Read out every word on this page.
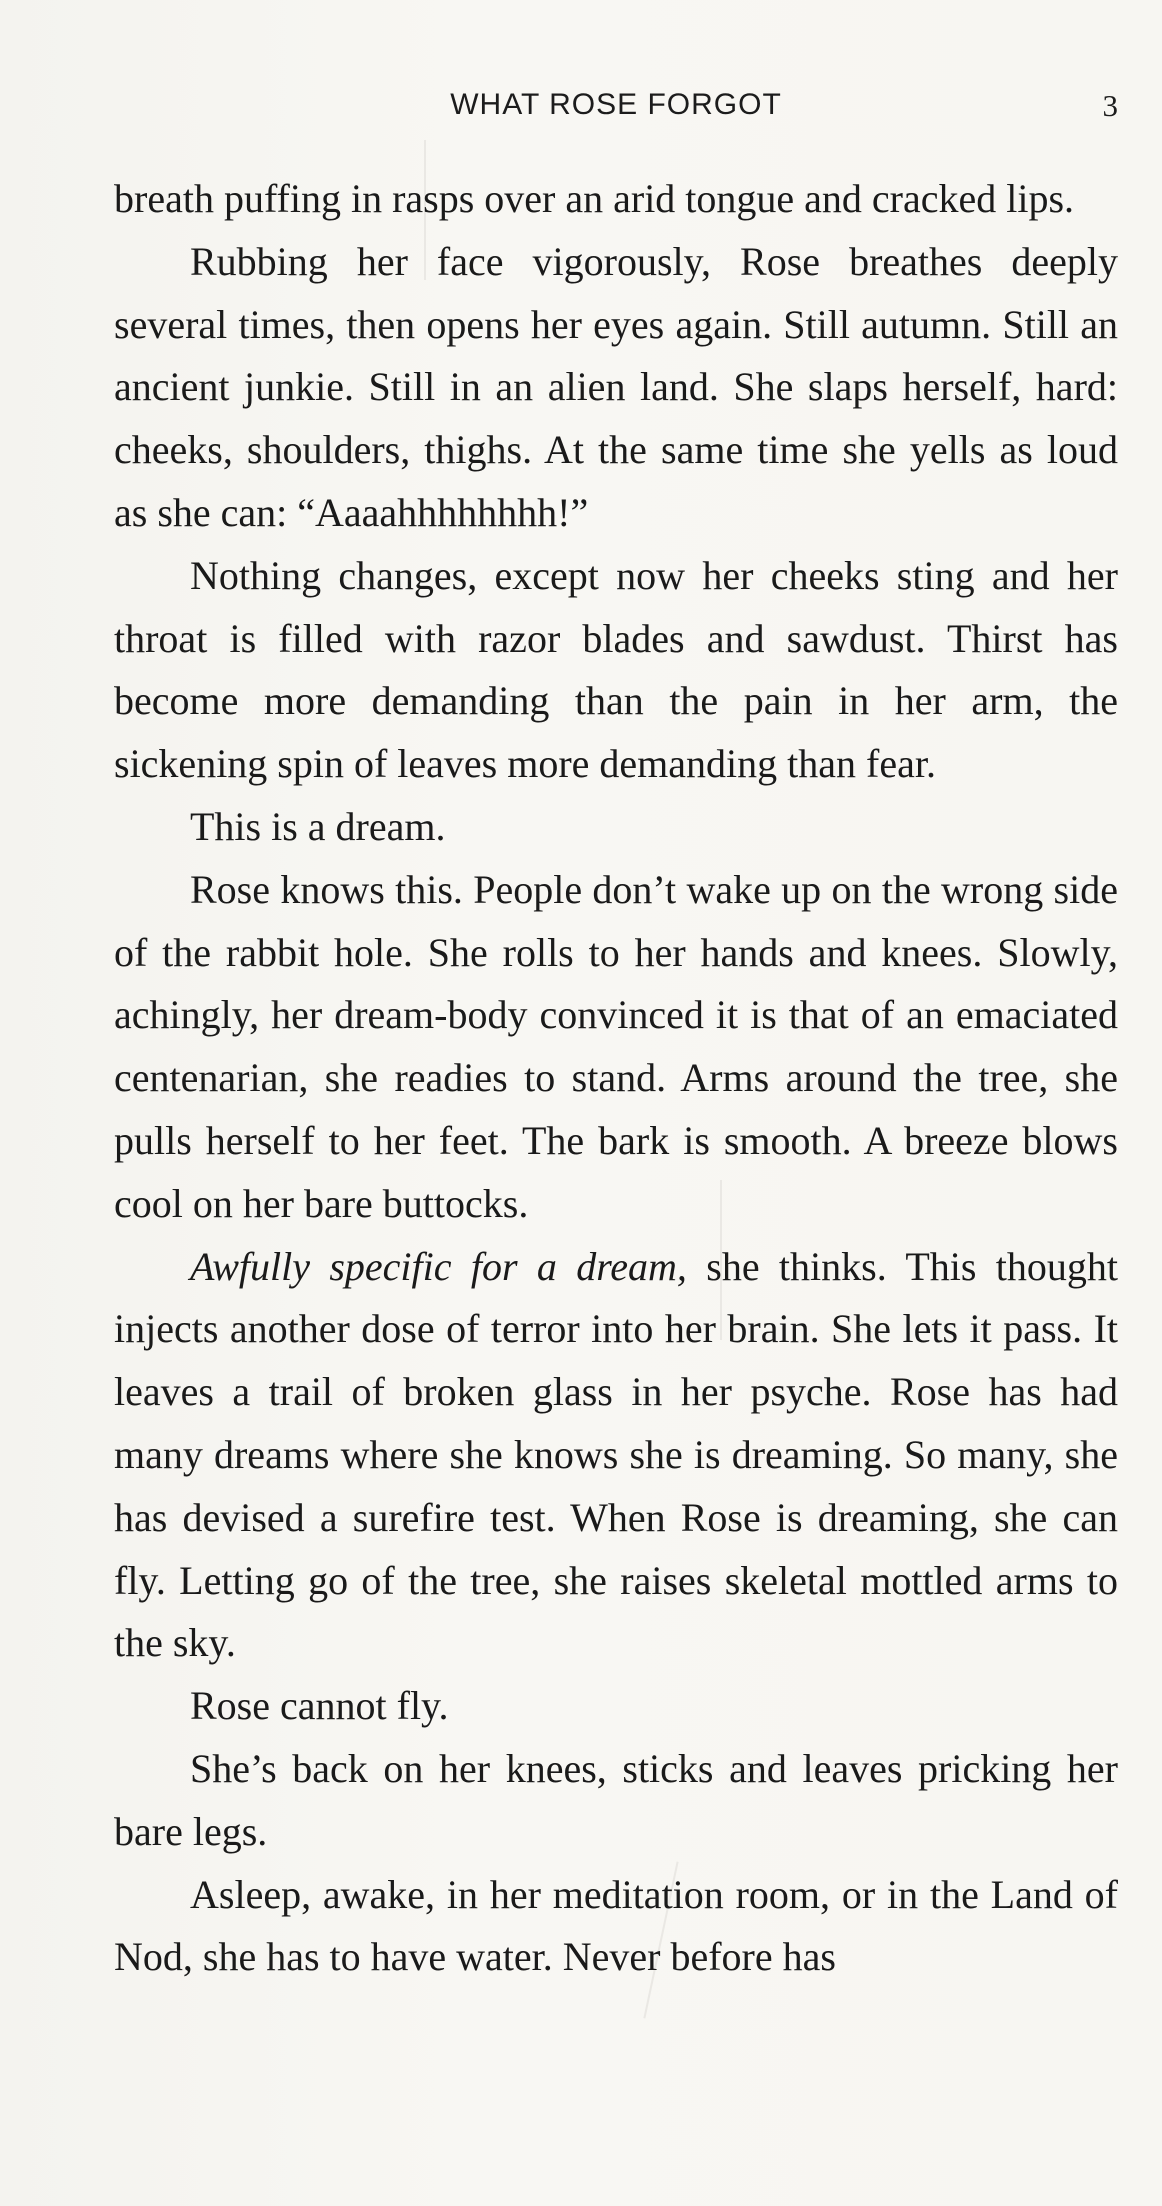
WHAT ROSE FORGOT	3

breath puffing in rasps over an arid tongue and cracked lips.

Rubbing her face vigorously, Rose breathes deeply several times, then opens her eyes again. Still autumn. Still an ancient junkie. Still in an alien land. She slaps herself, hard: cheeks, shoulders, thighs. At the same time she yells as loud as she can: “Aaaahhhhhhhh!”

Nothing changes, except now her cheeks sting and her throat is filled with razor blades and sawdust. Thirst has become more demanding than the pain in her arm, the sickening spin of leaves more demanding than fear.

This is a dream.

Rose knows this. People don’t wake up on the wrong side of the rabbit hole. She rolls to her hands and knees. Slowly, achingly, her dream-body convinced it is that of an emaciated centenarian, she readies to stand. Arms around the tree, she pulls herself to her feet. The bark is smooth. A breeze blows cool on her bare buttocks.

Awfully specific for a dream, she thinks. This thought injects another dose of terror into her brain. She lets it pass. It leaves a trail of broken glass in her psyche. Rose has had many dreams where she knows she is dreaming. So many, she has devised a surefire test. When Rose is dreaming, she can fly. Letting go of the tree, she raises skeletal mottled arms to the sky.

Rose cannot fly.

She’s back on her knees, sticks and leaves pricking her bare legs.

Asleep, awake, in her meditation room, or in the Land of Nod, she has to have water. Never before has
